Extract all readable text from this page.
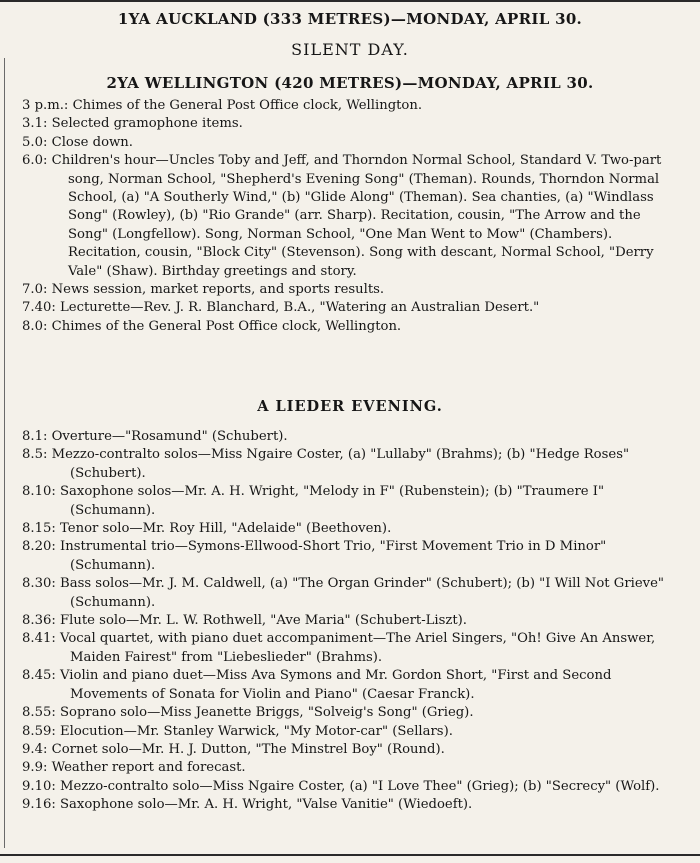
1YA AUCKLAND (333 METRES)—MONDAY, APRIL 30.
SILENT DAY.
2YA WELLINGTON (420 METRES)—MONDAY, APRIL 30.

3 p.m.: Chimes of the General Post Office clock, Wellington.

3.1: Selected gramophone items.

5.0: Close down.

6.0: Children's hour—Uncles Toby and Jeff, and Thorndon Normal School, Standard V. Two-part song, Norman School, "Shepherd's Evening Song" (Theman). Rounds, Thorndon Normal School, (a) "A Southerly Wind," (b) "Glide Along" (Theman). Sea chanties, (a) "Windlass Song" (Rowley), (b) "Rio Grande" (arr. Sharp). Recitation, cousin, "The Arrow and the Song" (Longfellow). Song, Norman School, "One Man Went to Mow" (Chambers). Recitation, cousin, "Block City" (Stevenson). Song with descant, Normal School, "Derry Vale" (Shaw). Birthday greetings and story.

7.0: News session, market reports, and sports results.

7.40: Lecturette—Rev. J. R. Blanchard, B.A., "Watering an Australian Desert."

8.0: Chimes of the General Post Office clock, Wellington.

A LIEDER EVENING.

8.1: Overture—"Rosamund" (Schubert).

8.5: Mezzo-contralto solos—Miss Ngaire Coster, (a) "Lullaby" (Brahms); (b) "Hedge Roses" (Schubert).

8.10: Saxophone solos—Mr. A. H. Wright, "Melody in F" (Rubenstein); (b) "Traumere I" (Schumann).

8.15: Tenor solo—Mr. Roy Hill, "Adelaide" (Beethoven).

8.20: Instrumental trio—Symons-Ellwood-Short Trio, "First Movement Trio in D Minor" (Schumann).

8.30: Bass solos—Mr. J. M. Caldwell, (a) "The Organ Grinder" (Schubert); (b) "I Will Not Grieve" (Schumann).

8.36: Flute solo—Mr. L. W. Rothwell, "Ave Maria" (Schubert-Liszt).

8.41: Vocal quartet, with piano duet accompaniment—The Ariel Singers, "Oh! Give An Answer, Maiden Fairest" from "Liebeslieder" (Brahms).

8.45: Violin and piano duet—Miss Ava Symons and Mr. Gordon Short, "First and Second Movements of Sonata for Violin and Piano" (Caesar Franck).

8.55: Soprano solo—Miss Jeanette Briggs, "Solveig's Song" (Grieg).

8.59: Elocution—Mr. Stanley Warwick, "My Motor-car" (Sellars).

9.4: Cornet solo—Mr. H. J. Dutton, "The Minstrel Boy" (Round).

9.9: Weather report and forecast.

9.10: Mezzo-contralto solo—Miss Ngaire Coster, (a) "I Love Thee" (Grieg); (b) "Secrecy" (Wolf).

9.16: Saxophone solo—Mr. A. H. Wright, "Valse Vanitie" (Wiedoeft).
